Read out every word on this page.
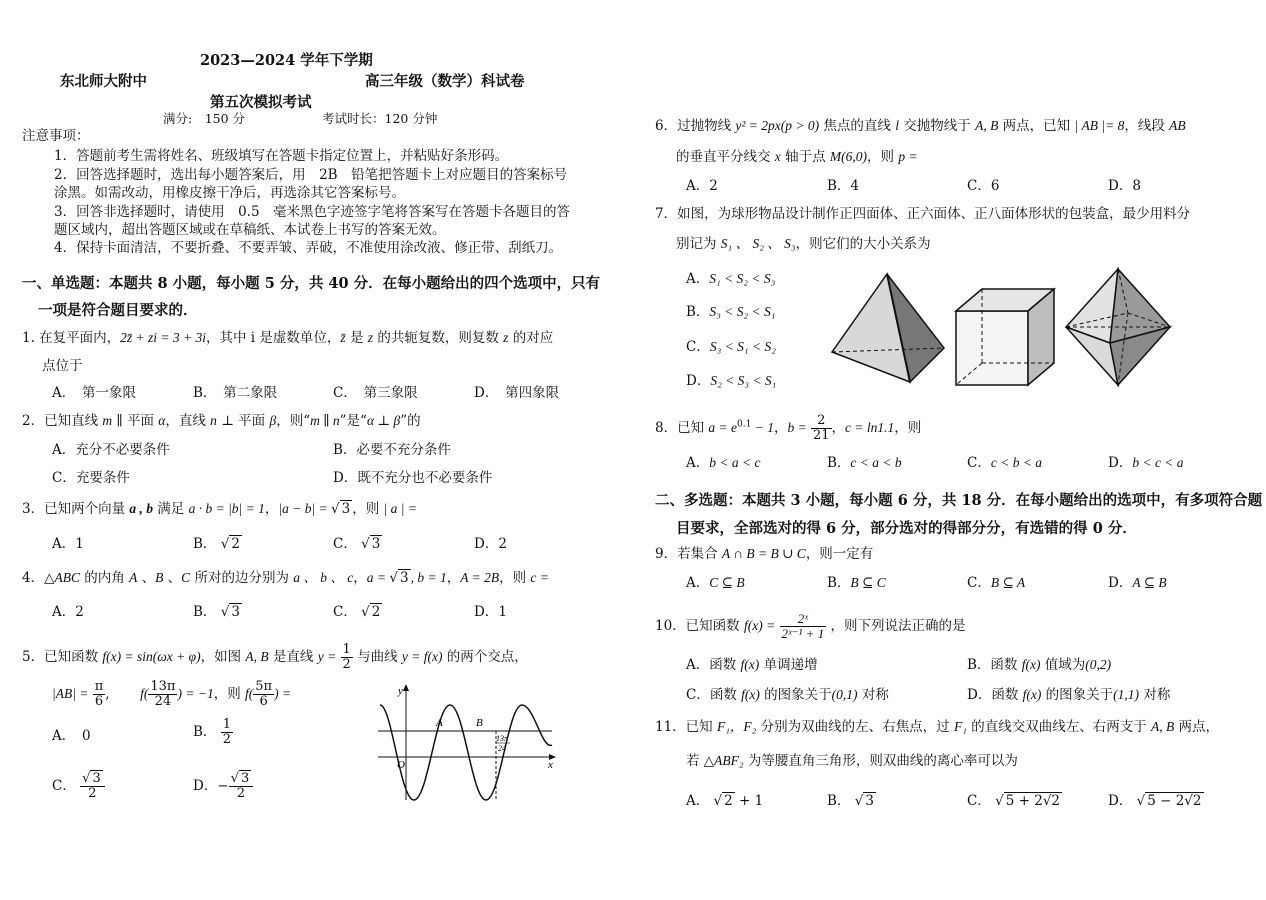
2023—2024 学年下学期
东北师大附中	高三年级（数学）科试卷
第五次模拟考试
满分:　150 分	考试时长：120 分钟
注意事项：
1．答题前考生需将姓名、班级填写在答题卡指定位置上，并粘贴好条形码。
2．回答选择题时，选出每小题答案后，用　2B　铅笔把答题卡上对应题目的答案标号
涂黑。如需改动，用橡皮擦干净后，再选涂其它答案标号。
3．回答非选择题时，请使用　0.5　毫米黑色字迹签字笔将答案写在答题卡各题目的答
题区域内，超出答题区域或在草稿纸、本试卷上书写的答案无效。
4．保持卡面清洁，不要折叠、不要弄皱、弄破，不准使用涂改液、修正带、刮纸刀。
一、单选题：本题共 8 小题，每小题 5 分，共 40 分．在每小题给出的四个选项中，只有
一项是符合题目要求的．
1. 在复平面内，2z̄ + zi = 3 + 3i，其中 i 是虚数单位，z̄ 是 z 的共轭复数，则复数 z 的对应
点位于
A．　第一象限	B．　第二象限	C．　第三象限	D．　第四象限
2．已知直线 m ∥ 平面 α，直线 n ⊥ 平面 β，则“m ∥ n”是“α ⊥ β”的
A．充分不必要条件	B．必要不充分条件
C．充要条件	D．既不充分也不必要条件
3．已知两个向量 a , b 满足 a · b = |b| = 1，|a − b| = √ 3 ，则 | a | =
A．1	B． √ 2	C． √ 3	D．2
4．△ABC 的内角 A 、B 、C 所对的边分别为 a 、 b 、 c，a = √ 3 , b = 1，A = 2B，则 c =
A．2	B． √ 3	C． √ 2	D．1
5．已知函数 f(x) = sin(ωx + φ)，如图 A, B 是直线 $y = \frac{1}{2}$ 与曲线 y = f(x) 的两个交点，
$|AB| = \frac{\pi}{6}$ , $f( \frac{13\pi}{24}$ ) = −1，则 $f( \frac{5\pi}{6}$ ) =
A．　0	B． $\frac{1}{2}$
C． $\frac{√ 3}{2}$	D．− $\frac{√ 3}{2}$
y
x
O
A	B
13π
24
6．过抛物线 y² = 2px(p > 0) 焦点的直线 l 交抛物线于 A, B 两点，已知 | AB |= 8，线段 AB
的垂直平分线交 x 轴于点 M(6,0)，则 p =
A．2	B．4	C．6	D．8
7．如图，为球形物品设计制作正四面体、正六面体、正八面体形状的包装盒，最少用料分
别记为 S₁ 、 S₂ 、 S₃，则它们的大小关系为
A．S₁ < S₂ < S₃
B．S₃ < S₂ < S₁
C．S₃ < S₁ < S₂
D．S₂ < S₃ < S₁
8．已知 $a = e^{0.1} - 1$，$b = \frac{2}{21}$ ，c = ln1.1，则
A．b < a < c	B．c < a < b	C．c < b < a	D．b < c < a
二、多选题：本题共 3 小题，每小题 6 分，共 18 分．在每小题给出的选项中，有多项符合题
目要求，全部选对的得 6 分，部分选对的得部分分，有选错的得 0 分．
9．若集合 A ∩ B = B ∪ C，则一定有
A．C ⊆ B	B．B ⊆ C	C．B ⊆ A	D．A ⊆ B
10．已知函数 $f(x) = \frac{\text{2ˣ}}{\text{2ˣ⁻¹ + 1}}$ ，则下列说法正确的是
A．函数 f(x) 单调递增	B．函数 f(x) 值域为(0,2)
C．函数 f(x) 的图象关于(0,1) 对称	D．函数 f(x) 的图象关于(1,1) 对称
11．已知 F₁，F₂ 分别为双曲线的左、右焦点，过 F₁ 的直线交双曲线左、右两支于 A, B 两点，
若 △ABF₂ 为等腰直角三角形，则双曲线的离心率可以为
A． √ 2 + 1	B． √ 3	C． √ 5 + 2√2	D． √ 5 − 2√2
